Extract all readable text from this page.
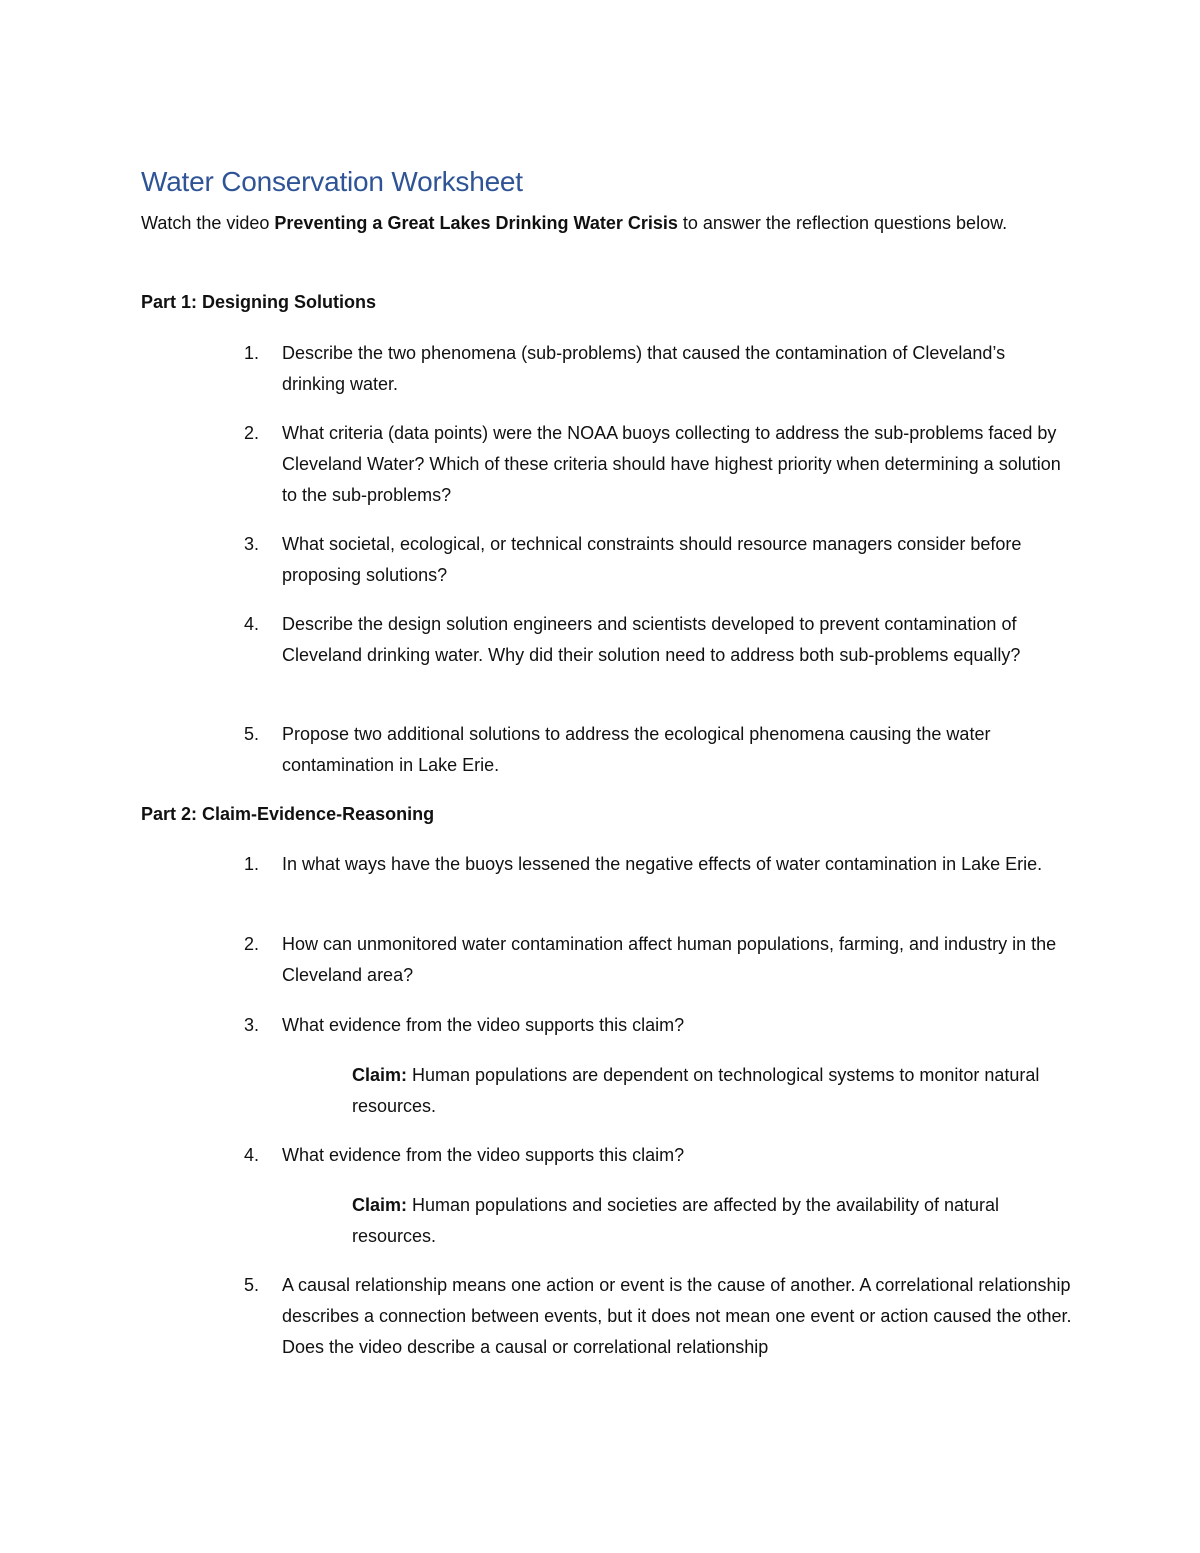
Water Conservation Worksheet

Watch the video Preventing a Great Lakes Drinking Water Crisis to answer the reflection questions below.

Part 1: Designing Solutions
1.	Describe the two phenomena (sub-problems) that caused the contamination of Cleveland’s drinking water.
2.	What criteria (data points) were the NOAA buoys collecting to address the sub-problems faced by Cleveland Water? Which of these criteria should have highest priority when determining a solution to the sub-problems?
3.	What societal, ecological, or technical constraints should resource managers consider before proposing solutions?
4.	Describe the design solution engineers and scientists developed to prevent contamination of Cleveland drinking water. Why did their solution need to address both sub-problems equally?
5.	Propose two additional solutions to address the ecological phenomena causing the water contamination in Lake Erie.
Part 2: Claim-Evidence-Reasoning
1.	In what ways have the buoys lessened the negative effects of water contamination in Lake Erie.
2.	How can unmonitored water contamination affect human populations, farming, and industry in the Cleveland area?
3.	What evidence from the video supports this claim?

Claim: Human populations are dependent on technological systems to monitor natural resources.

4.	What evidence from the video supports this claim?

Claim: Human populations and societies are affected by the availability of natural resources.

5.	A causal relationship means one action or event is the cause of another. A correlational relationship describes a connection between events, but it does not mean one event or action caused the other. Does the video describe a causal or correlational relationship
